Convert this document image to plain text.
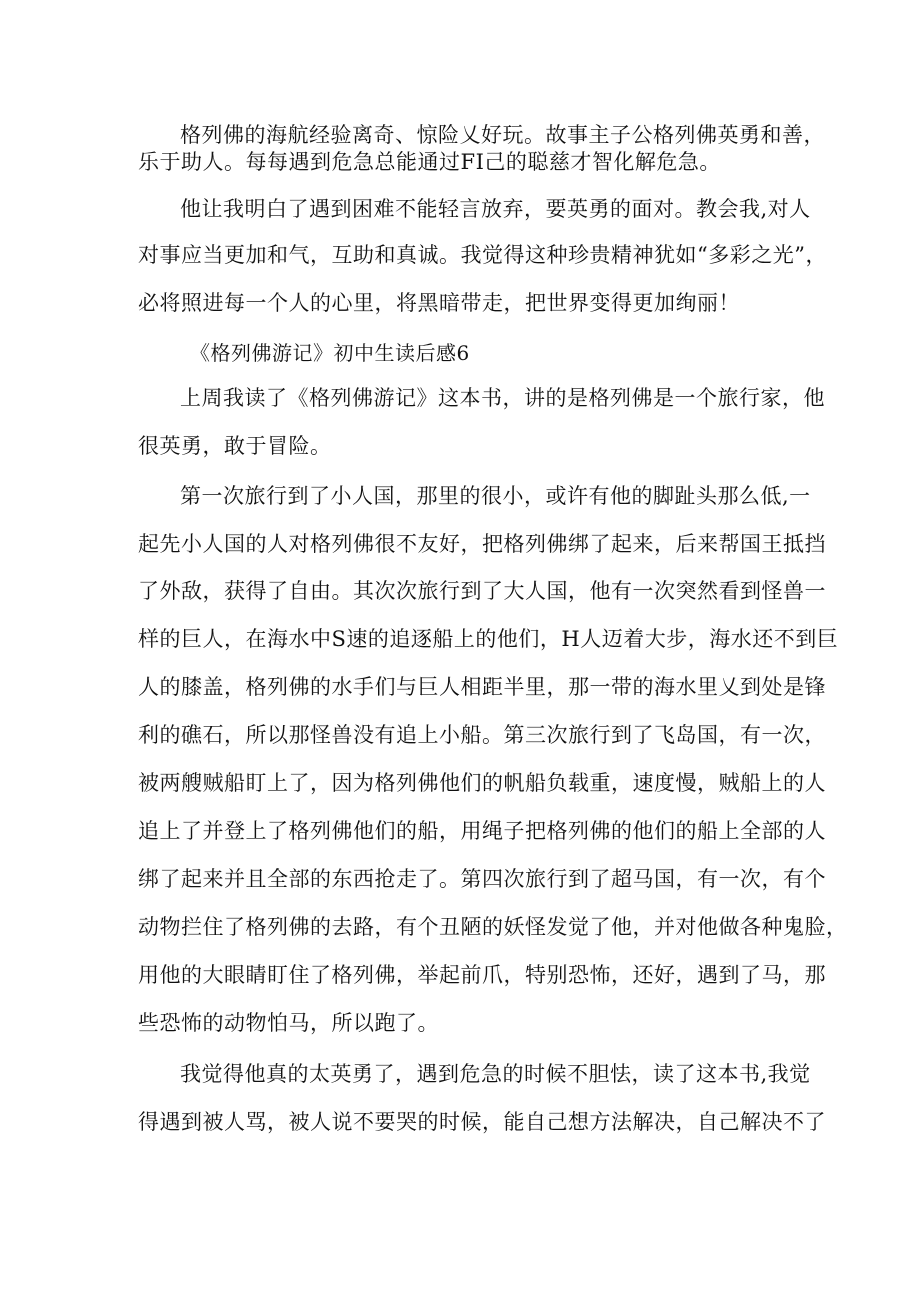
格列佛的海航经验离奇、惊险乂好玩。故事主子公格列佛英勇和善，
乐于助人。每每遇到危急总能通过FI己的聪慈才智化解危急。
他让我明白了遇到困难不能轻言放弃，要英勇的面对。教会我,对人
对事应当更加和气，互助和真诚。我觉得这种珍贵精神犹如“多彩之光”，
必将照进每一个人的心里，将黑暗带走，把世界变得更加绚丽！
《格列佛游记》初中生读后感6
上周我读了《格列佛游记》这本书，讲的是格列佛是一个旅行家，他
很英勇，敢于冒险。
第一次旅行到了小人国，那里的很小，或许有他的脚趾头那么低,一
起先小人国的人对格列佛很不友好，把格列佛绑了起来，后来帮国王抵挡
了外敌，获得了自由。其次次旅行到了大人国，他有一次突然看到怪兽一
样的巨人，在海水中S速的追逐船上的他们，H人迈着大步，海水还不到巨
人的膝盖，格列佛的水手们与巨人相距半里，那一带的海水里乂到处是锋
利的礁石，所以那怪兽没有追上小船。第三次旅行到了飞岛国，有一次，
被两艘贼船盯上了，因为格列佛他们的帆船负载重，速度慢，贼船上的人
追上了并登上了格列佛他们的船，用绳子把格列佛的他们的船上全部的人
绑了起来并且全部的东西抢走了。第四次旅行到了超马国，有一次，有个
动物拦住了格列佛的去路，有个丑陋的妖怪发觉了他，并对他做各种鬼脸，
用他的大眼睛盯住了格列佛，举起前爪，特别恐怖，还好，遇到了马，那
些恐怖的动物怕马，所以跑了。
我觉得他真的太英勇了，遇到危急的时候不胆怯，读了这本书,我觉
得遇到被人骂，被人说不要哭的时候，能自己想方法解决，自己解决不了
